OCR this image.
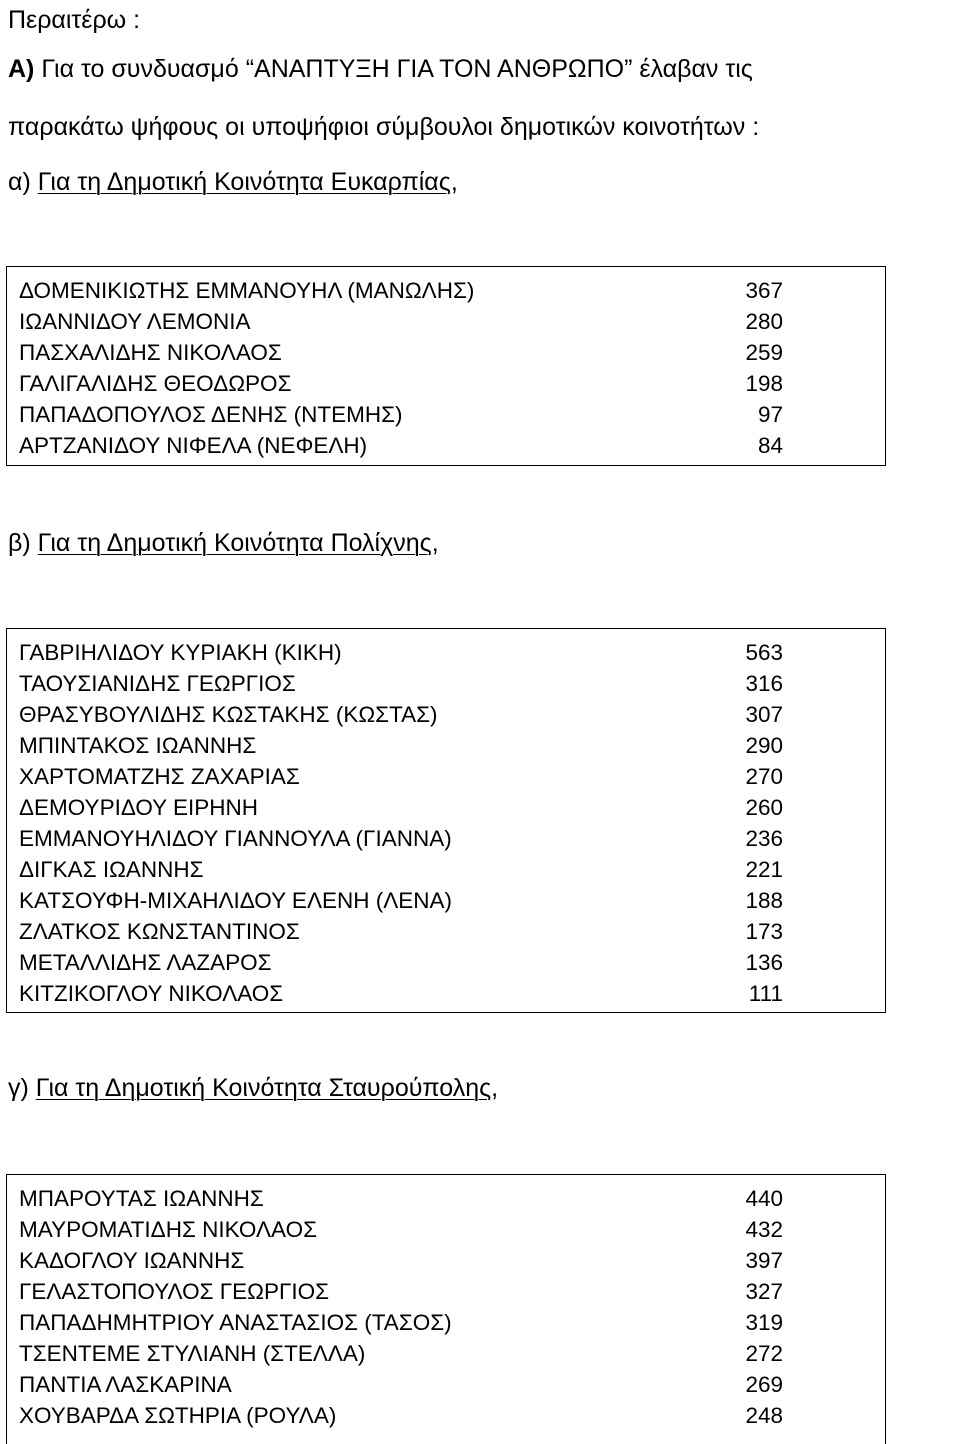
Περαιτέρω :
Α) Για το συνδυασμό “ΑΝΑΠΤΥΞΗ ΓΙΑ ΤΟΝ ΑΝΘΡΩΠΟ” έλαβαν τις
παρακάτω ψήφους οι υποψήφιοι σύμβουλοι δημοτικών κοινοτήτων :
α) Για τη Δημοτική Κοινότητα Ευκαρπίας,
ΔΟΜΕΝΙΚΙΩΤΗΣ ΕΜΜΑΝΟΥΗΛ (ΜΑΝΩΛΗΣ)	367
ΙΩΑΝΝΙΔΟΥ ΛΕΜΟΝΙΑ	280
ΠΑΣΧΑΛΙΔΗΣ ΝΙΚΟΛΑΟΣ	259
ΓΑΛΙΓΑΛΙΔΗΣ ΘΕΟΔΩΡΟΣ	198
ΠΑΠΑΔΟΠΟΥΛΟΣ ΔΕΝΗΣ (ΝΤΕΜΗΣ)	97
ΑΡΤΖΑΝΙΔΟΥ ΝΙΦΕΛΑ (ΝΕΦΕΛΗ)	84
β) Για τη Δημοτική Κοινότητα Πολίχνης,
ΓΑΒΡΙΗΛΙΔΟΥ ΚΥΡΙΑΚΗ (ΚΙΚΗ)	563
ΤΑΟΥΣΙΑΝΙΔΗΣ ΓΕΩΡΓΙΟΣ	316
ΘΡΑΣΥΒΟΥΛΙΔΗΣ ΚΩΣΤΑΚΗΣ (ΚΩΣΤΑΣ)	307
ΜΠΙΝΤΑΚΟΣ ΙΩΑΝΝΗΣ	290
ΧΑΡΤΟΜΑΤΖΗΣ ΖΑΧΑΡΙΑΣ	270
ΔΕΜΟΥΡΙΔΟΥ ΕΙΡΗΝΗ	260
ΕΜΜΑΝΟΥΗΛΙΔΟΥ ΓΙΑΝΝΟΥΛΑ (ΓΙΑΝΝΑ)	236
ΔΙΓΚΑΣ ΙΩΑΝΝΗΣ	221
ΚΑΤΣΟΥΦΗ-ΜΙΧΑΗΛΙΔΟΥ ΕΛΕΝΗ (ΛΕΝΑ)	188
ΖΛΑΤΚΟΣ ΚΩΝΣΤΑΝΤΙΝΟΣ	173
ΜΕΤΑΛΛΙΔΗΣ ΛΑΖΑΡΟΣ	136
ΚΙΤΖΙΚΟΓΛΟΥ ΝΙΚΟΛΑΟΣ	111
γ) Για τη Δημοτική Κοινότητα Σταυρούπολης,
ΜΠΑΡΟΥΤΑΣ ΙΩΑΝΝΗΣ	440
ΜΑΥΡΟΜΑΤΙΔΗΣ ΝΙΚΟΛΑΟΣ	432
ΚΑΔΟΓΛΟΥ ΙΩΑΝΝΗΣ	397
ΓΕΛΑΣΤΟΠΟΥΛΟΣ ΓΕΩΡΓΙΟΣ	327
ΠΑΠΑΔΗΜΗΤΡΙΟΥ ΑΝΑΣΤΑΣΙΟΣ (ΤΑΣΟΣ)	319
ΤΣΕΝΤΕΜΕ ΣΤΥΛΙΑΝΗ (ΣΤΕΛΛΑ)	272
ΠΑΝΤΙΑ ΛΑΣΚΑΡΙΝΑ	269
ΧΟΥΒΑΡΔΑ ΣΩΤΗΡΙΑ (ΡΟΥΛΑ)	248
